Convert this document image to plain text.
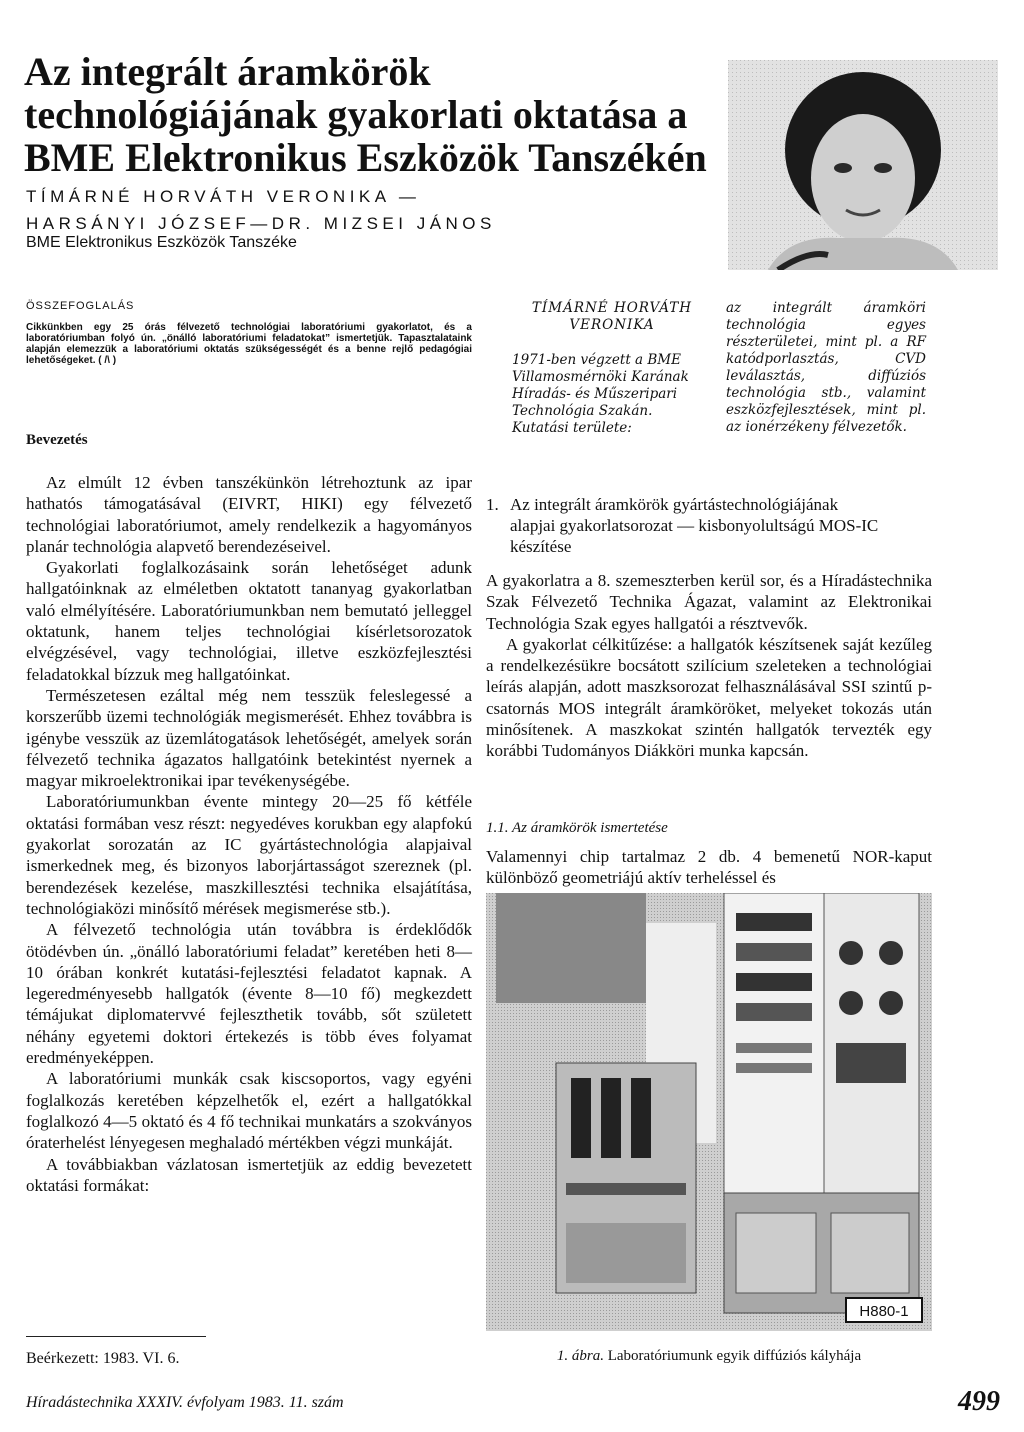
Az integrált áramkörök technológiájának gyakorlati oktatása a BME Elektronikus Eszközök Tanszékén
TÍMÁRNÉ HORVÁTH VERONIKA —
HARSÁNYI JÓZSEF—DR. MIZSEI JÁNOS
BME Elektronikus Eszközök Tanszéke
ÖSSZEFOGLALÁS
Cikkünkben egy 25 órás félvezető technológiai laboratóriumi gyakorlatot, és a laboratóriumban folyó ún. „önálló laboratóriumi feladatokat” ismertetjük. Tapasztalataink alapján elemezzük a laboratóriumi oktatás szükségességét és a benne rejlő pedagógiai lehetőségeket. ( /\ )
TÍMÁRNÉ HORVÁTH VERONIKA
1971-ben végzett a BME Villamosmérnöki Karának Híradás- és Műszeripari Technológia Szakán. Kutatási területe:
az integrált áramköri technológia egyes részterületei, mint pl. a RF katódporlasztás, CVD leválasztás, diffúziós technológia stb., valamint eszközfejlesztések, mint pl. az ionérzékeny félvezetők.
Bevezetés

Az elmúlt 12 évben tanszékünkön létrehoztunk az ipar hathatós támogatásával (EIVRT, HIKI) egy félvezető technológiai laboratóriumot, amely rendelkezik a hagyományos planár technológia alapvető berendezéseivel.

Gyakorlati foglalkozásaink során lehetőséget adunk hallgatóinknak az elméletben oktatott tananyag gyakorlatban való elmélyítésére. Laboratóriumunkban nem bemutató jelleggel oktatunk, hanem teljes technológiai kísérletsorozatok elvégzésével, vagy technológiai, illetve eszközfejlesztési feladatokkal bízzuk meg hallgatóinkat.

Természetesen ezáltal még nem tesszük feleslegessé a korszerűbb üzemi technológiák megismerését. Ehhez továbbra is igénybe vesszük az üzemlátogatások lehetőségét, amelyek során félvezető technika ágazatos hallgatóink betekintést nyernek a magyar mikroelektronikai ipar tevékenységébe.

Laboratóriumunkban évente mintegy 20—25 fő kétféle oktatási formában vesz részt: negyedéves korukban egy alapfokú gyakorlat sorozatán az IC gyártástechnológia alapjaival ismerkednek meg, és bizonyos laborjártasságot szereznek (pl. berendezések kezelése, maszkillesztési technika elsajátítása, technológiaközi minősítő mérések megismerése stb.).

A félvezető technológia után továbbra is érdeklődők ötödévben ún. „önálló laboratóriumi feladat” keretében heti 8—10 órában konkrét kutatási-fejlesztési feladatot kapnak. A legeredményesebb hallgatók (évente 8—10 fő) megkezdett témájukat diplomatervvé fejleszthetik tovább, sőt született néhány egyetemi doktori értekezés is több éves folyamat eredményeképpen.

A laboratóriumi munkák csak kiscsoportos, vagy egyéni foglalkozás keretében képzelhetők el, ezért a hallgatókkal foglalkozó 4—5 oktató és 4 fő technikai munkatárs a szokványos óraterhelést lényegesen meghaladó mértékben végzi munkáját.

A továbbiakban vázlatosan ismertetjük az eddig bevezetett oktatási formákat:

1. Az integrált áramkörök gyártástechnológiájának
alapjai gyakorlatsorozat — kisbonyolultságú MOS-IC készítése

A gyakorlatra a 8. szemeszterben kerül sor, és a Híradástechnika Szak Félvezető Technika Ágazat, valamint az Elektronikai Technológia Szak egyes hallgatói a résztvevők.

A gyakorlat célkitűzése: a hallgatók készítsenek saját kezűleg a rendelkezésükre bocsátott szilícium szeleteken a technológiai leírás alapján, adott maszksorozat felhasználásával SSI szintű p-csatornás MOS integrált áramköröket, melyeket tokozás után minősítenek. A maszkokat szintén hallgatók tervezték egy korábbi Tudományos Diákköri munka kapcsán.

1.1. Az áramkörök ismertetése

Valamennyi chip tartalmaz 2 db. 4 bemenetű NOR-kaput különböző geometriájú aktív terheléssel és

H880-1
1. ábra. Laboratóriumunk egyik diffúziós kályhája
Beérkezett: 1983. VI. 6.
Híradástechnika XXXIV. évfolyam 1983. 11. szám	499
